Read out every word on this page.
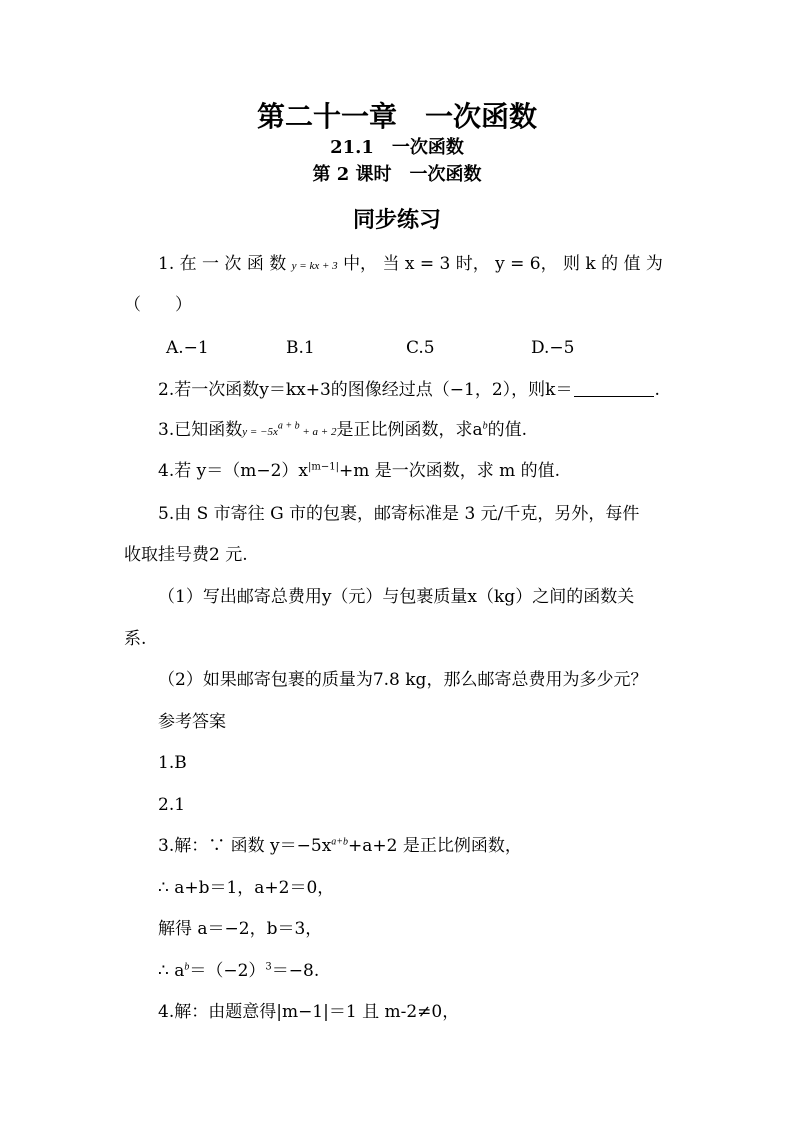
第二十一章　一次函数
21.1　一次函数
第 2 课时　一次函数
同步练习
1. 在 一 次 函 数 y = kx + 3 中， 当 x = 3 时， y = 6， 则 k 的 值 为
（　　）
A.−1	B.1	C.5	D.−5
2.若一次函数y＝kx+3的图像经过点（−1，2），则k＝	.
3.已知函数$y = -5x^{a + b} + a + 2$是正比例函数，求$a^b$的值.
4.若 $y=(m-2)x^{|m-1|}+m$ 是一次函数，求 m 的值.
5.由 S 市寄往 G 市的包裹，邮寄标准是 3 元/千克，另外，每件
收取挂号费2 元.
（1）写出邮寄总费用y（元）与包裹质量x（kg）之间的函数关
系.
（2）如果邮寄包裹的质量为7.8 kg，那么邮寄总费用为多少元？
参考答案
1.B
2.1
3.解：∵ 函数 $y=-5x^{a+b}+a+2$ 是正比例函数，
∴ a+b＝1，a+2＝0，
解得 a＝−2，b＝3，
∴ $a^b=(-2)^3=-8$.
4.解：由题意得|m−1|＝1 且 m-2≠0，
